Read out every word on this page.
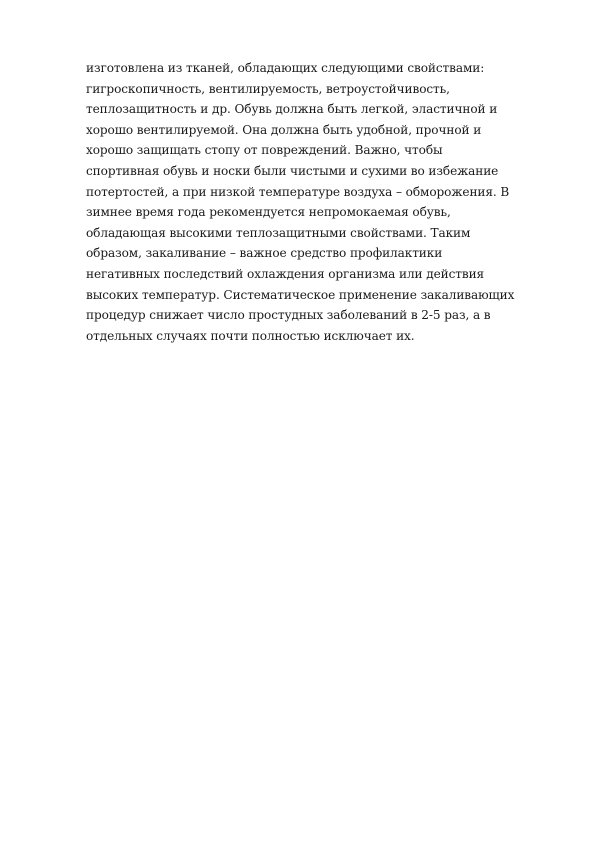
изготовлена из тканей, обладающих следующими свойствами:
гигроскопичность, вентилируемость, ветроустойчивость,
теплозащитность и др. Обувь должна быть легкой, эластичной и
хорошо вентилируемой. Она должна быть удобной, прочной и
хорошо защищать стопу от повреждений. Важно, чтобы
спортивная обувь и носки были чистыми и сухими во избежание
потертостей, а при низкой температуре воздуха – обморожения. В
зимнее время года рекомендуется непромокаемая обувь,
обладающая высокими теплозащитными свойствами. Таким
образом, закаливание – важное средство профилактики
негативных последствий охлаждения организма или действия
высоких температур. Систематическое применение закаливающих
процедур снижает число простудных заболеваний в 2-5 раз, а в
отдельных случаях почти полностью исключает их.
